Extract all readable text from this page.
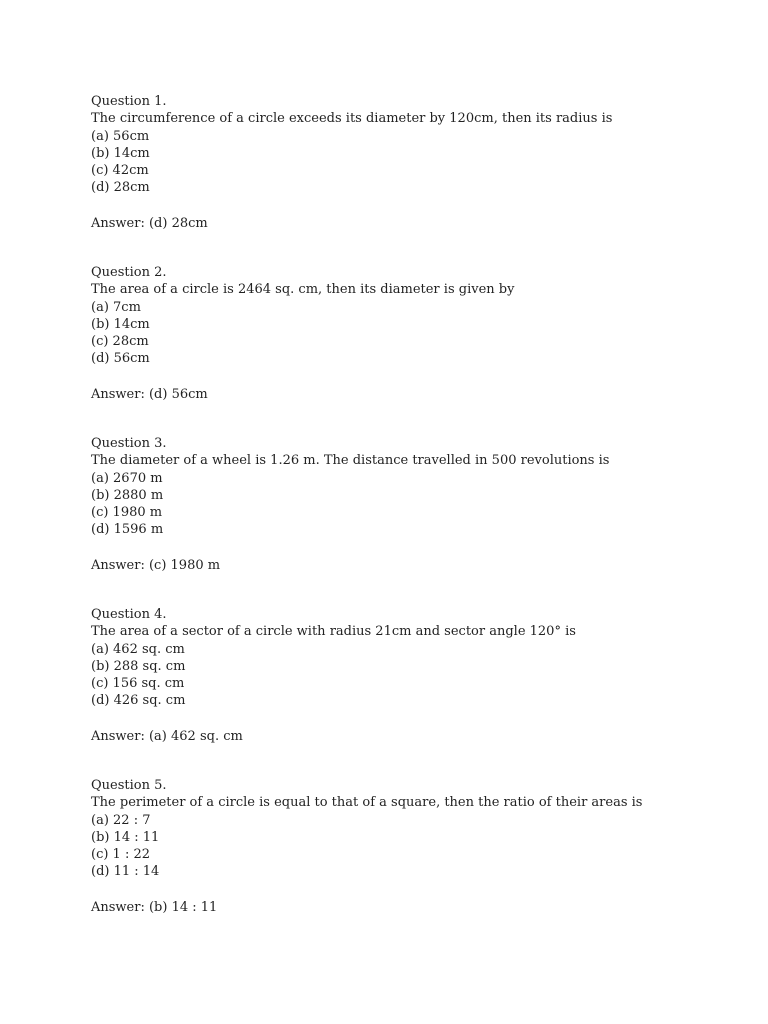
Question 1.
The circumference of a circle exceeds its diameter by 120cm, then its radius is
(a) 56cm
(b) 14cm
(c) 42cm
(d) 28cm
Answer: (d) 28cm
Question 2.
The area of a circle is 2464 sq. cm, then its diameter is given by
(a) 7cm
(b) 14cm
(c) 28cm
(d) 56cm
Answer: (d) 56cm
Question 3.
The diameter of a wheel is 1.26 m. The distance travelled in 500 revolutions is
(a) 2670 m
(b) 2880 m
(c) 1980 m
(d) 1596 m
Answer: (c) 1980 m
Question 4.
The area of a sector of a circle with radius 21cm and sector angle 120° is
(a) 462 sq. cm
(b) 288 sq. cm
(c) 156 sq. cm
(d) 426 sq. cm
Answer: (a) 462 sq. cm
Question 5.
The perimeter of a circle is equal to that of a square, then the ratio of their areas is
(a) 22 : 7
(b) 14 : 11
(c) 1 : 22
(d) 11 : 14
Answer: (b) 14 : 11
